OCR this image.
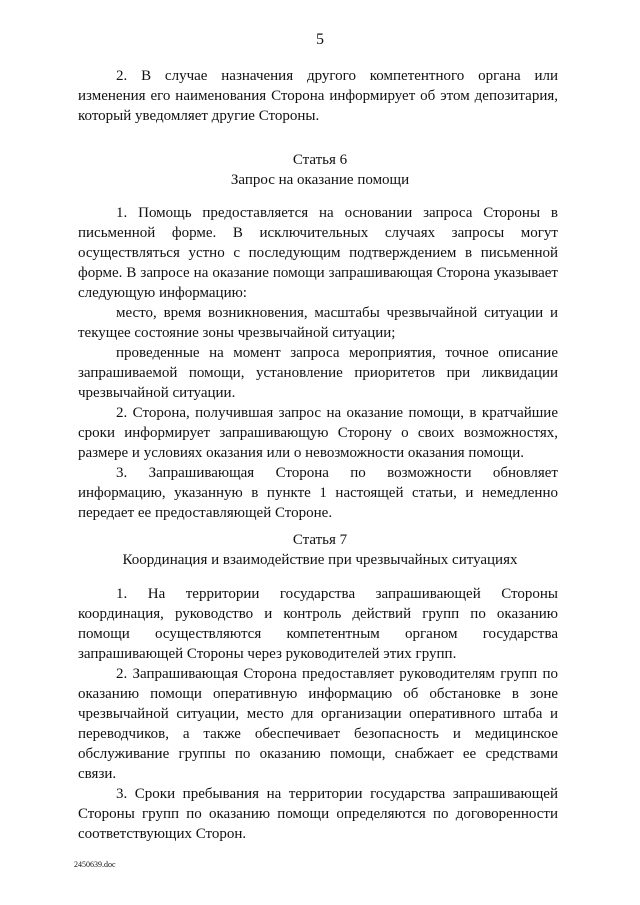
5

2. В случае назначения другого компетентного органа или изменения его наименования Сторона информирует об этом депозитария, который уведомляет другие Стороны.

Статья 6
Запрос на оказание помощи

1. Помощь предоставляется на основании запроса Стороны в письменной форме. В исключительных случаях запросы могут осуществляться устно с последующим подтверждением в письменной форме. В запросе на оказание помощи запрашивающая Сторона указывает следующую информацию:

место, время возникновения, масштабы чрезвычайной ситуации и текущее состояние зоны чрезвычайной ситуации;

проведенные на момент запроса мероприятия, точное описание запрашиваемой помощи, установление приоритетов при ликвидации чрезвычайной ситуации.

2. Сторона, получившая запрос на оказание помощи, в кратчайшие сроки информирует запрашивающую Сторону о своих возможностях, размере и условиях оказания или о невозможности оказания помощи.

3. Запрашивающая Сторона по возможности обновляет информацию, указанную в пункте 1 настоящей статьи, и немедленно передает ее предоставляющей Стороне.

Статья 7
Координация и взаимодействие при чрезвычайных ситуациях

1. На территории государства запрашивающей Стороны координация, руководство и контроль действий групп по оказанию помощи осуществляются компетентным органом государства запрашивающей Стороны через руководителей этих групп.

2. Запрашивающая Сторона предоставляет руководителям групп по оказанию помощи оперативную информацию об обстановке в зоне чрезвычайной ситуации, место для организации оперативного штаба и переводчиков, а также обеспечивает безопасность и медицинское обслуживание группы по оказанию помощи, снабжает ее средствами связи.

3. Сроки пребывания на территории государства запрашивающей Стороны групп по оказанию помощи определяются по договоренности соответствующих Сторон.

2450639.doc
